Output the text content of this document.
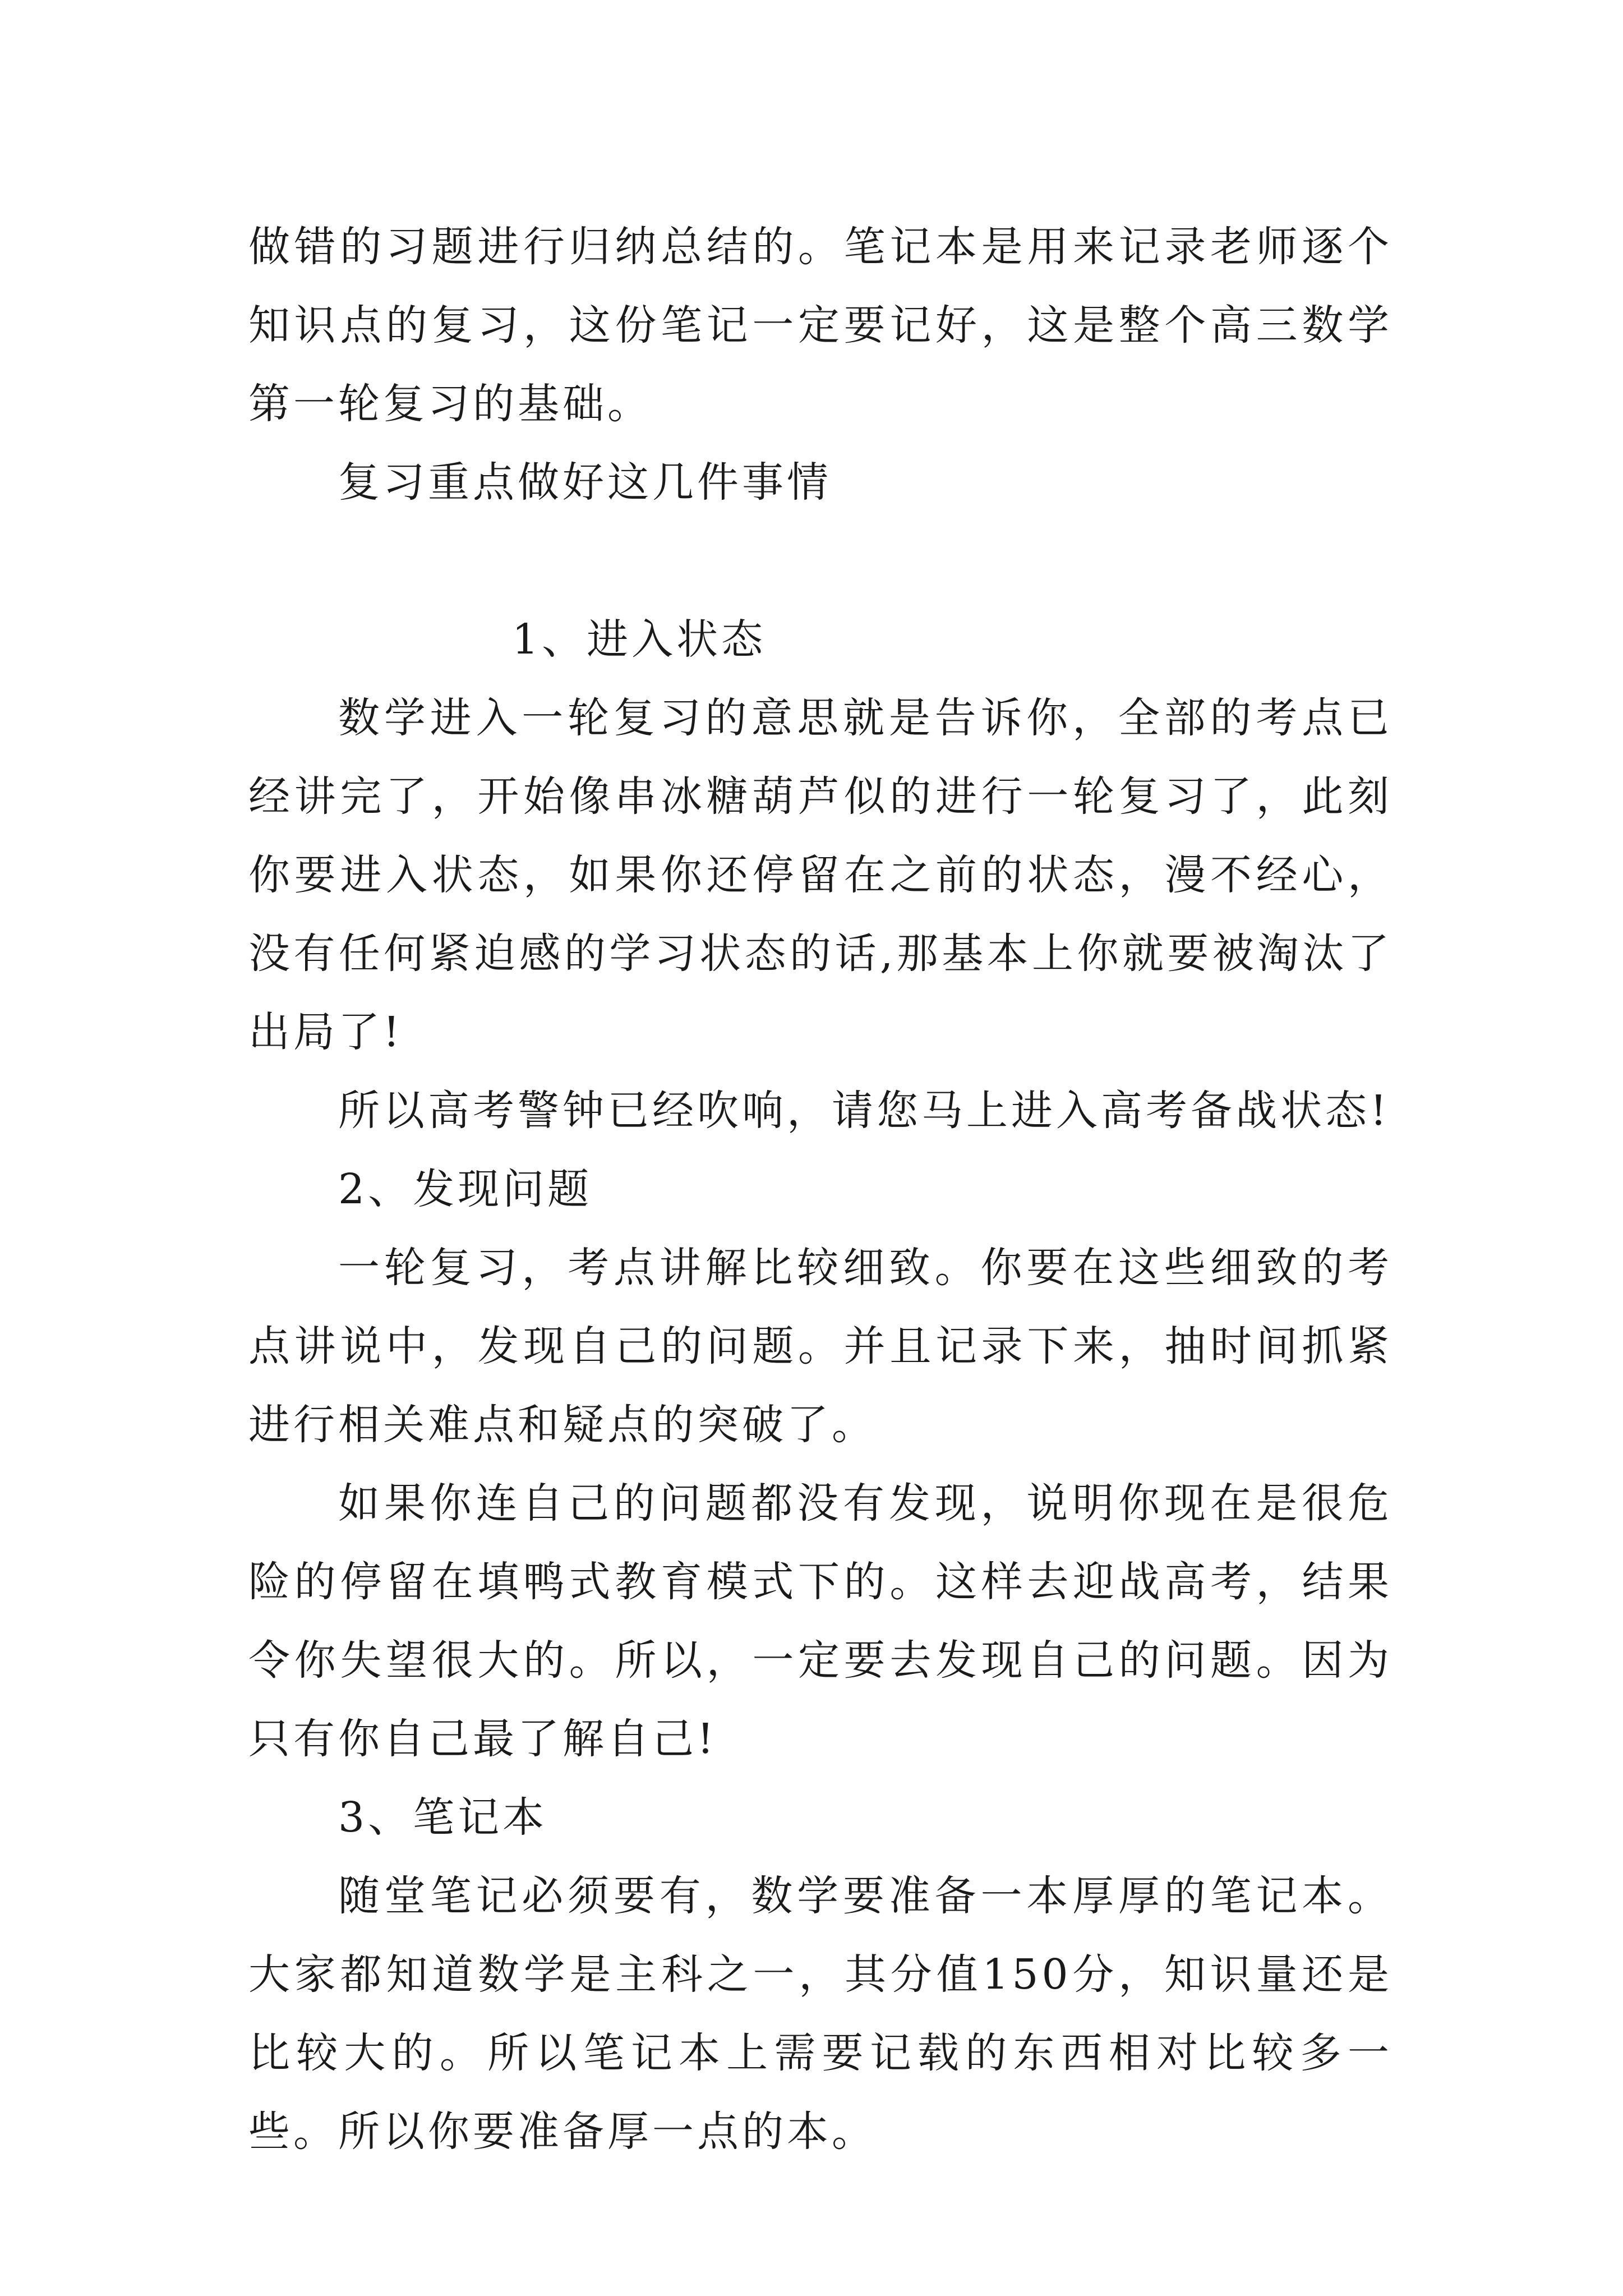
做错的习题进行归纳总结的。笔记本是用来记录老师逐个知识点的复习，这份笔记一定要记好，这是整个高三数学第一轮复习的基础。

复习重点做好这几件事情

1、进入状态

数学进入一轮复习的意思就是告诉你，全部的考点已经讲完了，开始像串冰糖葫芦似的进行一轮复习了，此刻你要进入状态，如果你还停留在之前的状态，漫不经心，没有任何紧迫感的学习状态的话,那基本上你就要被淘汰了出局了!

所以高考警钟已经吹响，请您马上进入高考备战状态!

2、发现问题

一轮复习，考点讲解比较细致。你要在这些细致的考点讲说中，发现自己的问题。并且记录下来，抽时间抓紧进行相关难点和疑点的突破了。

如果你连自己的问题都没有发现，说明你现在是很危险的停留在填鸭式教育模式下的。这样去迎战高考，结果令你失望很大的。所以，一定要去发现自己的问题。因为只有你自己最了解自己!

3、笔记本

随堂笔记必须要有，数学要准备一本厚厚的笔记本。大家都知道数学是主科之一，其分值150分，知识量还是比较大的。所以笔记本上需要记载的东西相对比较多一些。所以你要准备厚一点的本。
